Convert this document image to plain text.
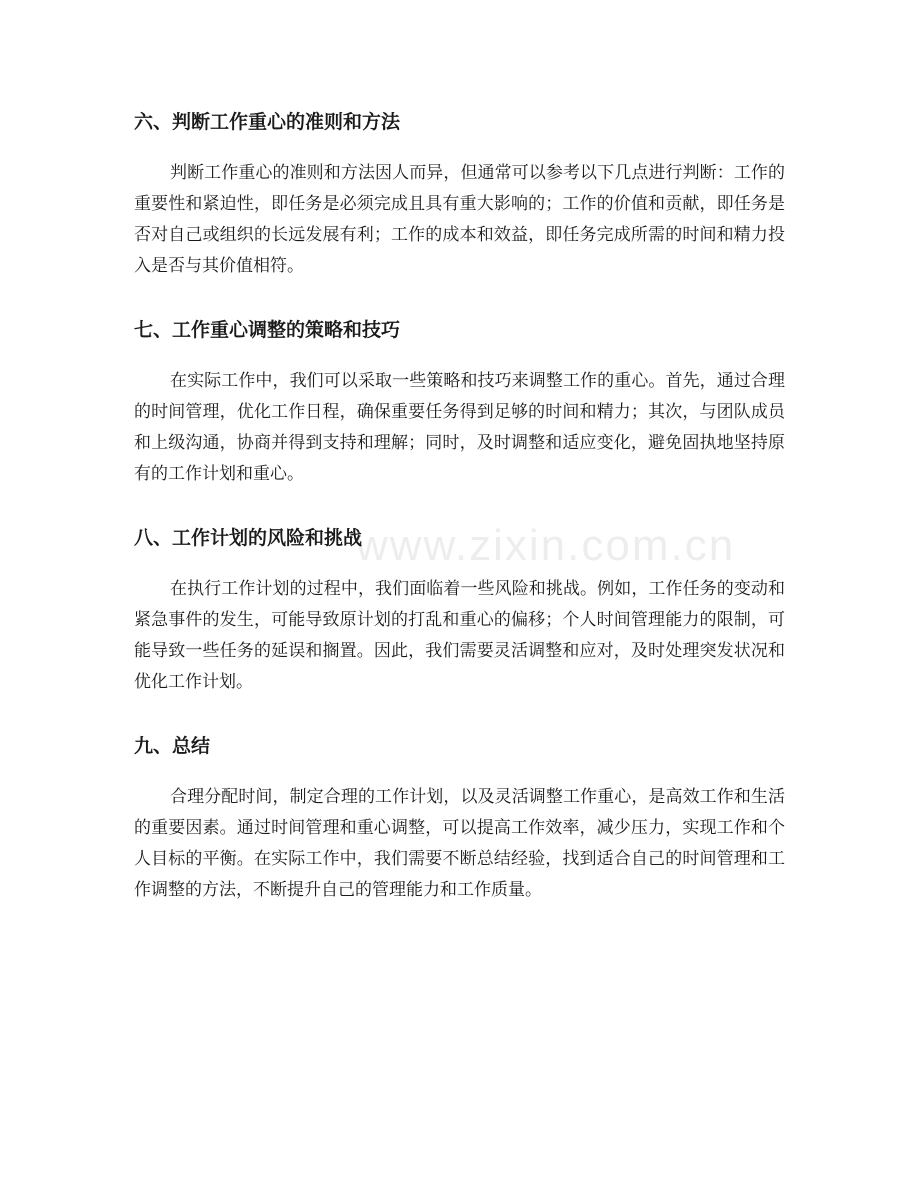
www.zixin.com.cn
六、判断工作重心的准则和方法

判断工作重心的准则和方法因人而异，但通常可以参考以下几点进行判断：工作的重要性和紧迫性，即任务是必须完成且具有重大影响的；工作的价值和贡献，即任务是否对自己或组织的长远发展有利；工作的成本和效益，即任务完成所需的时间和精力投入是否与其价值相符。

七、工作重心调整的策略和技巧

在实际工作中，我们可以采取一些策略和技巧来调整工作的重心。首先，通过合理的时间管理，优化工作日程，确保重要任务得到足够的时间和精力；其次，与团队成员和上级沟通，协商并得到支持和理解；同时，及时调整和适应变化，避免固执地坚持原有的工作计划和重心。

八、工作计划的风险和挑战

在执行工作计划的过程中，我们面临着一些风险和挑战。例如，工作任务的变动和紧急事件的发生，可能导致原计划的打乱和重心的偏移；个人时间管理能力的限制，可能导致一些任务的延误和搁置。因此，我们需要灵活调整和应对，及时处理突发状况和优化工作计划。

九、总结

合理分配时间，制定合理的工作计划，以及灵活调整工作重心，是高效工作和生活的重要因素。通过时间管理和重心调整，可以提高工作效率，减少压力，实现工作和个人目标的平衡。在实际工作中，我们需要不断总结经验，找到适合自己的时间管理和工作调整的方法，不断提升自己的管理能力和工作质量。
